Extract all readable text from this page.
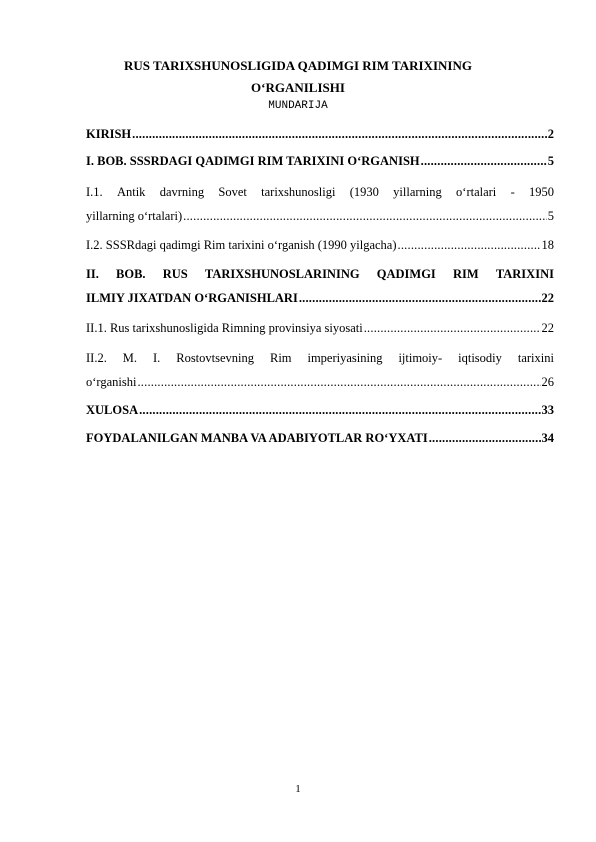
RUS TARIXSHUNOSLIGIDA QADIMGI RIM TARIXINING
O‘RGANILISHI
MUNDARIJA
KIRISH .....	2
I. BOB. SSSRDAGI QADIMGI RIM TARIXINI O‘RGANISH .....	5
I.1. Antik davrning Sovet tarixshunosligi (1930 yillarning o‘rtalari - 1950
yillarning o‘rtalari) .....	5
I.2. SSSRdagi qadimgi Rim tarixini o‘rganish (1990 yilgacha) .....	18
II. BOB. RUS TARIXSHUNOSLARINING QADIMGI RIM TARIXINI
ILMIY JIXATDAN O‘RGANISHLARI .....	22
II.1. Rus tarixshunosligida Rimning provinsiya siyosati .....	22
II.2. M. I. Rostovtsevning Rim imperiyasining ijtimoiy- iqtisodiy tarixini
o‘rganishi .....	26
XULOSA .....	33
FOYDALANILGAN MANBA VA ADABIYOTLAR RO‘YXATI .....	34
1
